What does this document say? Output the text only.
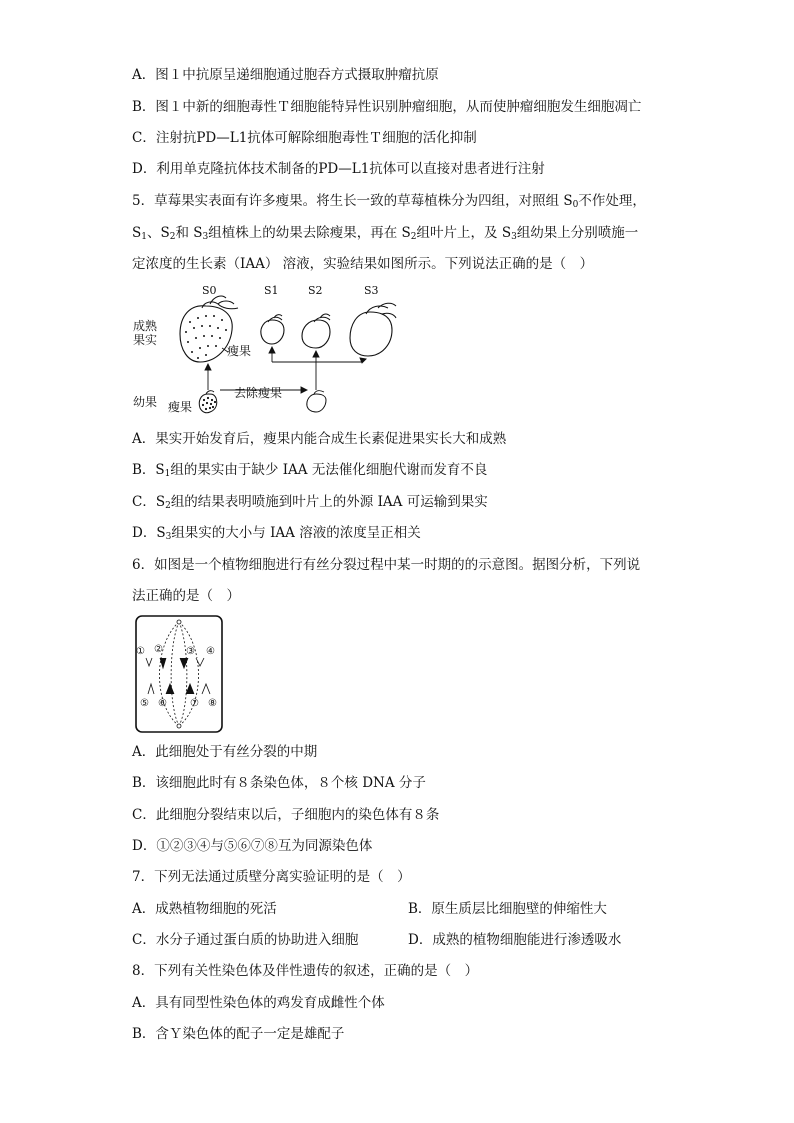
A．图１中抗原呈递细胞通过胞吞方式摄取肿瘤抗原
B．图１中新的细胞毒性Ｔ细胞能特异性识别肿瘤细胞，从而使肿瘤细胞发生细胞凋亡
C．注射抗PD—L1抗体可解除细胞毒性Ｔ细胞的活化抑制
D．利用单克隆抗体技术制备的PD—L1抗体可以直接对患者进行注射
5．草莓果实表面有许多瘦果。将生长一致的草莓植株分为四组，对照组 $S_0$不作处理，
$S_1$、$S_2$和 $S_3$组植株上的幼果去除瘦果，再在 $S_2$组叶片上，及 $S_3$组幼果上分别喷施一
定浓度的生长素（IAA） 溶液，实验结果如图所示。下列说法正确的是（　）
S0	S1	S2	S3
成熟
果实
幼果
瘦果
瘦果
去除瘦果
A．果实开始发育后，瘦果内能合成生长素促进果实长大和成熟
B．$S_1$组的果实由于缺少 IAA 无法催化细胞代谢而发育不良
C．$S_2$组的结果表明喷施到叶片上的外源 IAA 可运输到果实
D．$S_3$组果实的大小与 IAA 溶液的浓度呈正相关
6．如图是一个植物细胞进行有丝分裂过程中某一时期的的示意图。据图分析，下列说
法正确的是（　）
① ② ③ ④
⑤ ⑥ ⑦ ⑧
A．此细胞处于有丝分裂的中期
B．该细胞此时有８条染色体，８个核 DNA 分子
C．此细胞分裂结束以后，子细胞内的染色体有８条
D．①②③④与⑤⑥⑦⑧互为同源染色体
7．下列无法通过质壁分离实验证明的是（　）
A．成熟植物细胞的死活	B．原生质层比细胞壁的伸缩性大
C．水分子通过蛋白质的协助进入细胞	D．成熟的植物细胞能进行渗透吸水
8．下列有关性染色体及伴性遗传的叙述，正确的是（　）
A．具有同型性染色体的鸡发育成雌性个体
B．含Ｙ染色体的配子一定是雄配子
